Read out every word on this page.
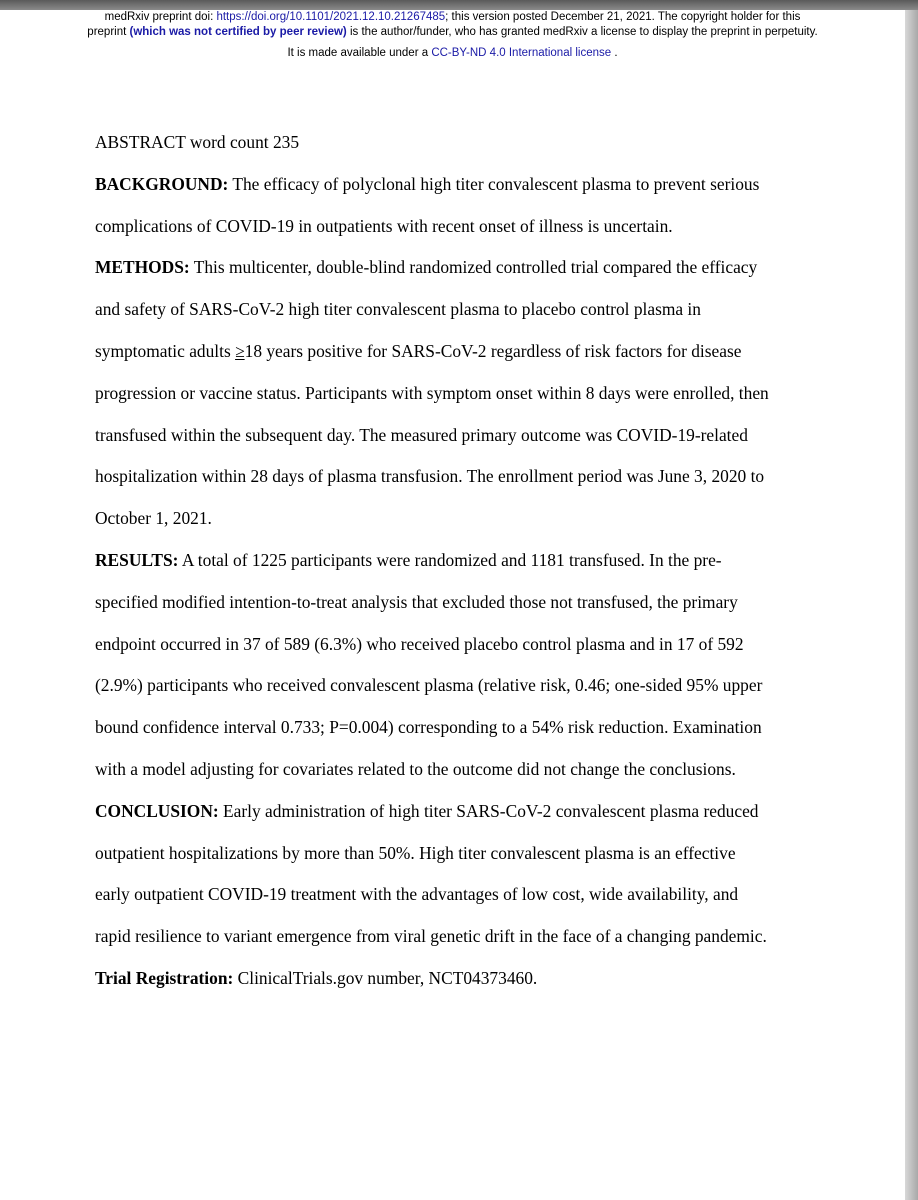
medRxiv preprint doi: https://doi.org/10.1101/2021.12.10.21267485; this version posted December 21, 2021. The copyright holder for this
preprint (which was not certified by peer review) is the author/funder, who has granted medRxiv a license to display the preprint in perpetuity.
It is made available under a CC-BY-ND 4.0 International license .

ABSTRACT word count 235

BACKGROUND: The efficacy of polyclonal high titer convalescent plasma to prevent serious
complications of COVID-19 in outpatients with recent onset of illness is uncertain.

METHODS: This multicenter, double-blind randomized controlled trial compared the efficacy
and safety of SARS-CoV-2 high titer convalescent plasma to placebo control plasma in
symptomatic adults ≥18 years positive for SARS-CoV-2 regardless of risk factors for disease
progression or vaccine status. Participants with symptom onset within 8 days were enrolled, then
transfused within the subsequent day. The measured primary outcome was COVID-19-related
hospitalization within 28 days of plasma transfusion. The enrollment period was June 3, 2020 to
October 1, 2021.

RESULTS: A total of 1225 participants were randomized and 1181 transfused. In the pre-
specified modified intention-to-treat analysis that excluded those not transfused, the primary
endpoint occurred in 37 of 589 (6.3%) who received placebo control plasma and in 17 of 592
(2.9%) participants who received convalescent plasma (relative risk, 0.46; one-sided 95% upper
bound confidence interval 0.733; P=0.004) corresponding to a 54% risk reduction. Examination
with a model adjusting for covariates related to the outcome did not change the conclusions.

CONCLUSION: Early administration of high titer SARS-CoV-2 convalescent plasma reduced
outpatient hospitalizations by more than 50%. High titer convalescent plasma is an effective
early outpatient COVID-19 treatment with the advantages of low cost, wide availability, and
rapid resilience to variant emergence from viral genetic drift in the face of a changing pandemic.

Trial Registration: ClinicalTrials.gov number, NCT04373460.
